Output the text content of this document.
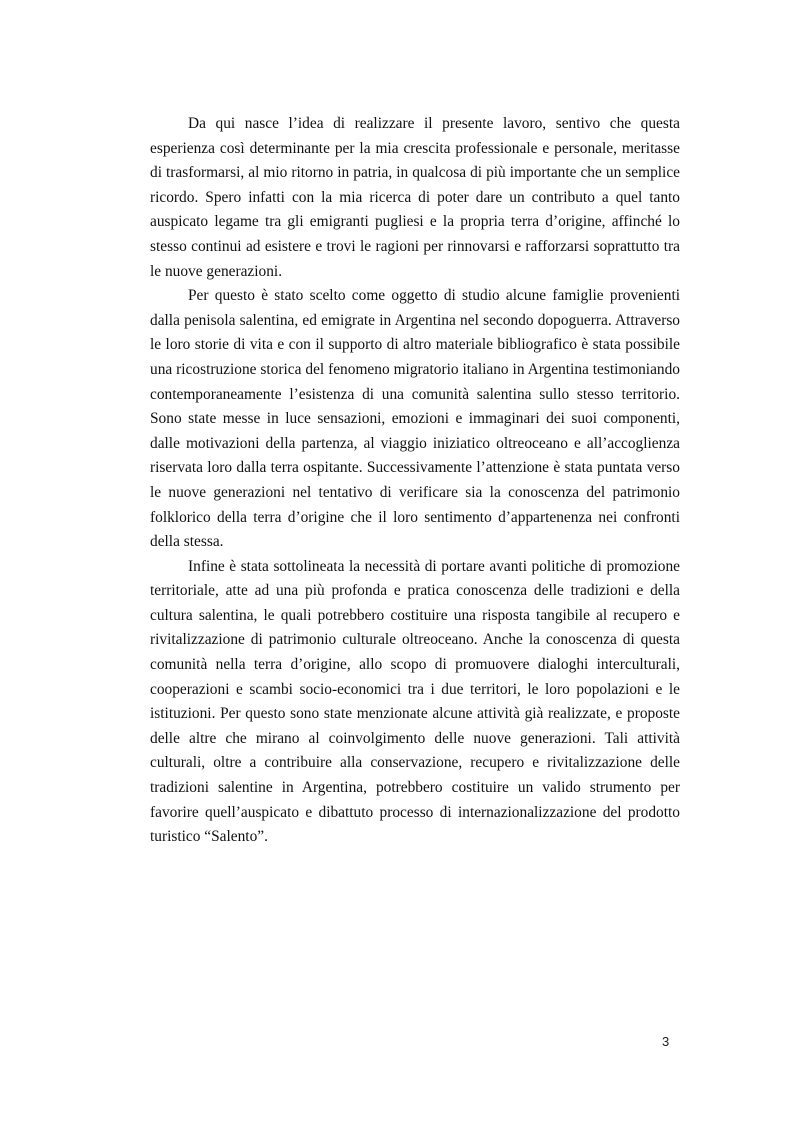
Da qui nasce l’idea di realizzare il presente lavoro, sentivo che questa esperienza così determinante per la mia crescita professionale e personale, meritasse di trasformarsi, al mio ritorno in patria, in qualcosa di più importante che un semplice ricordo. Spero infatti con la mia ricerca di poter dare un contributo a quel tanto auspicato legame tra gli emigranti pugliesi e la propria terra d’origine, affinché lo stesso continui ad esistere e trovi le ragioni per rinnovarsi e rafforzarsi soprattutto tra le nuove generazioni.

Per questo è stato scelto come oggetto di studio alcune famiglie provenienti dalla penisola salentina, ed emigrate in Argentina nel secondo dopoguerra. Attraverso le loro storie di vita e con il supporto di altro materiale bibliografico è stata possibile una ricostruzione storica del fenomeno migratorio italiano in Argentina testimoniando contemporaneamente l’esistenza di una comunità salentina sullo stesso territorio. Sono state messe in luce sensazioni, emozioni e immaginari dei suoi componenti, dalle motivazioni della partenza, al viaggio iniziatico oltreoceano e all’accoglienza riservata loro dalla terra ospitante. Successivamente l’attenzione è stata puntata verso le nuove generazioni nel tentativo di verificare sia la conoscenza del patrimonio folklorico della terra d’origine che il loro sentimento d’appartenenza nei confronti della stessa.

Infine è stata sottolineata la necessità di portare avanti politiche di promozione territoriale, atte ad una più profonda e pratica conoscenza delle tradizioni e della cultura salentina, le quali potrebbero costituire una risposta tangibile al recupero e rivitalizzazione di patrimonio culturale oltreoceano. Anche la conoscenza di questa comunità nella terra d’origine, allo scopo di promuovere dialoghi interculturali, cooperazioni e scambi socio-economici tra i due territori, le loro popolazioni e le istituzioni. Per questo sono state menzionate alcune attività già realizzate, e proposte delle altre che mirano al coinvolgimento delle nuove generazioni. Tali attività culturali, oltre a contribuire alla conservazione, recupero e rivitalizzazione delle tradizioni salentine in Argentina, potrebbero costituire un valido strumento per favorire quell’auspicato e dibattuto processo di internazionalizzazione del prodotto turistico “Salento”.

3
